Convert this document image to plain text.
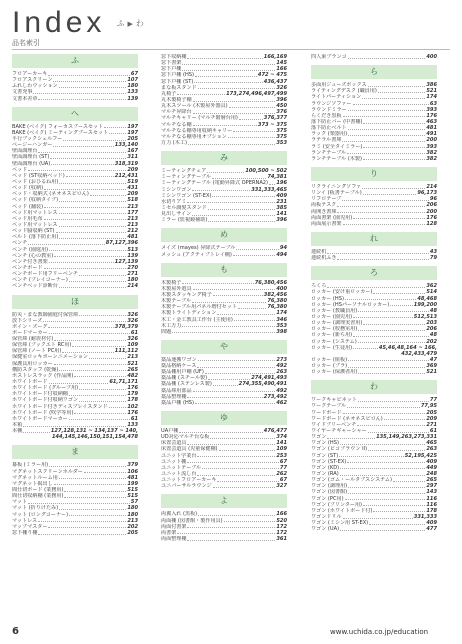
Index ふ ▶ わ
品名索引
ふ
フロアーカーキ	67
フロアスクリーン	107
ふれしわウッション	180
文書充事	133
文書本差章	139
へ
BAKE (ベイク) フォーカスブースセット	197
BAKE (ベイク) ミーティングブースセット	197
平行ブックシェルフー	205
ページーハンガー	133,140
壁面調理台	167
壁面調理台 (ST)	311
壁面調理台 (UA)	318,319
ベッド	209
ベッド (ST収納ベッド)	212,431
ベッド (おひるね用)	519
ベッド (収納)	431
ベッド・収納式 (ネオネスビロん)	209
ベッド (収納タイプ)	518
ベッド (舗装)	213
ベッド用マットレス	177
ベッド用毛布	213
ベッド用マットレス	213
ベッド脇収納 (ST)	212
ベルト (落下防止用)	481
ベンチ	87,127,396
ベンチ (園庭用)	513
ベンチ (心の教室)	139
ベンチ付き書架	127,139
ベンチボード	270
ベンチボード用フリーベンチ	271
ベンチ (プレイコーナー)	180
ベンチベッド診断台	214
ほ
防災・まな教師園庭付保管庫	326
放下シリーズ	326
ボイン・ズーグ	378,379
ボードマーカー	61
保管庫 (耐震材付)	326
保管庫 (ブックエト RC用)	109
保管庫 (ノート PC用)	111,112
保健室ロッキボーンニメーション	213
保護具用ロッカー	521
構防スタッフ (乾燥)	265
ポストレスラック (作品開)	482
ホワイトボード	61,71,171
ホワイトボード (グループ用)	176
ホワイトボード付収納棚	179
ホワイトボード付収納ワゴン	178
ホワイトボード付きディスプレイスタンド	102
ホワイトボード (吹学等用)	176
ホワイトボードマーカー	61
本箱	133
本棚	127,128,131 ~ 134,137 ~ 140,
144,145,146,150,151,154,478
ま
幕板 (ミラー用)	379
マグネットスクリーンホルダー	106
マグネットルーム用	481
マグネット掲出し	199
間仕切ボード (業務用)	515
間仕切収納棚 (業務用)	515
マット	57
マット (折りけたみ)	180
マット (ロングコーナー)	180
マットレス	213
マップマスター	202
窓下棚り棚	205
窓下収納棚	166,169
窓下書架	145
窓下戸棚	166
窓下戸棚 (HS)	472 ~ 475
窓下戸棚 (ST)	436,437
まな板スタンド	326
丸椅子	173,274,496,497,499
丸木製椅子棚	396
丸木スツール (木製屋外器具)	450
マルチ昇降台	376
マルチキャリー (マルチ階層台用)	376,377
マルチなる棚	373 ~ 375
マルチなる棚専用収納キャリー	375
マルチなる棚専用オプション	375
万力 (木工)	353
み
ミーティングチェア	100,500 ~ 502
ミーティングテーブル	74,381
ミーティングテーブル (電動昇降式 OPERNA2) 196
ミシンワゴン	331,333,465
ミシンワゴン (ST-EX)	409
水切りアミ	231
ミセル調髪スタンド	385
見出しサイン	141
ミラー (監視鏡補助)	396
め
メイズ (mayes) 昇降式テーブル	94
メッシュ (アクティブトレイ棚)	494
も
木製椅子	76,380,456
木製屋外遊具	400
木製スタッキング椅子	382,456
木製テーブル	76,380
木製テーブル用パネル増付セット	76,380
木製トライトディション	174
木工・金工教具工作台 (主使用)	346
木工万力	353
問題	398
や
薬品運搬ワゴン	273
薬品格納ケース	492
薬品棚用戸棚 (UF)	263
薬品棚 (スチール製)	274,491,493
薬品棚 (ステンレス製)	274,355,490,491
薬品庫用部品	492
薬品整理棚	273,492
薬品戸棚 (HS)	462
ゆ
UA戸棚	476,477
UD対応マルチ台な板	374
床置芸道具	141
床置芸道具 (児童保健棚)	109
ユニット学業台	253
ユニット棚	67
ユニットテーブル	77
ユニット流し台	262
ユニットフロアーカーキ	67
ユニバーサルラウンジ	327
よ
両翼入れ (黒板)	166
両面棚 (図書館・製作用具)	520
両面付書架	172
両書架	172
両面整理棚	361
四人乗ブランコ	400
ら
多面用ジューズボックス	386
ライティングデスク (職員用)	521
ライトパーティション	174
ラウンジソファー	63
ラウンドミラー	393
らくだき黒板	176
落下防止バー (中書棚)	463
落下防止ベルト	481
ラック (楽器用)	491
ラテラル書庫	200
ラミ (安全タイミラー)	393
ランチテーブル	382
ランチテーブル (木製)	382
り
リクライニングソファ	214
リンイ (板書テーブル)	96,173
リフロテーブ	96
両板テスク	206
両開き書庫	200
両面書架 (園児用)	176
両面展示書架	128
れ
連続机	43
連続机ふき	79
ろ
ろくろ	362
ロッカー (安け重ロッカー)	514
ロッカー (HS)	48,468
ロッカー (HSパーソナルロッカー)	199,200
ロッカー (教職員用)	48
ロッカー (園児用)	512,513
ロッカー (調理実習用)	203
ロッカー (校務室用)	206
ロッカー (新ち用)	48
ロッカー (システム)	202
ロッカー (生徒用)	45,46,48,164 ~ 166,
432,433,479
ロッカー (組板)	47
ロッカー (ブラ)	369
ロッカー (保護者用)	521
わ
ワークキャビネット	77
ワークテーブル	77,95
ワードボード	205
ワードボード (ネオネスビロん)	209
ワイドブリーベンチ	271
ワイヤーチギャーシャー	61
ワゴン	135,149,263,273,331
ワゴン (HS)	465
ワゴン (ピコブラウン II)	263
ワゴン (ST)	52,195,425
ワゴン (ST-EX)	409
ワゴン (KD)	449
ワゴン (RA)	248
ワゴン (ゴム・ールタブスシステム)	265
ワゴン (調理用)	297
ワゴン (図書館)	143
ワゴン (PC用)	116
ワゴン (プリンター用)	116
ワゴン (ホワイトボード付)	178
ワゴンドリル	331,333
ワゴン (ミシン用 ST-EX)	409
ワゴン (UA)	477
6	www.uchida.co.jp/education
